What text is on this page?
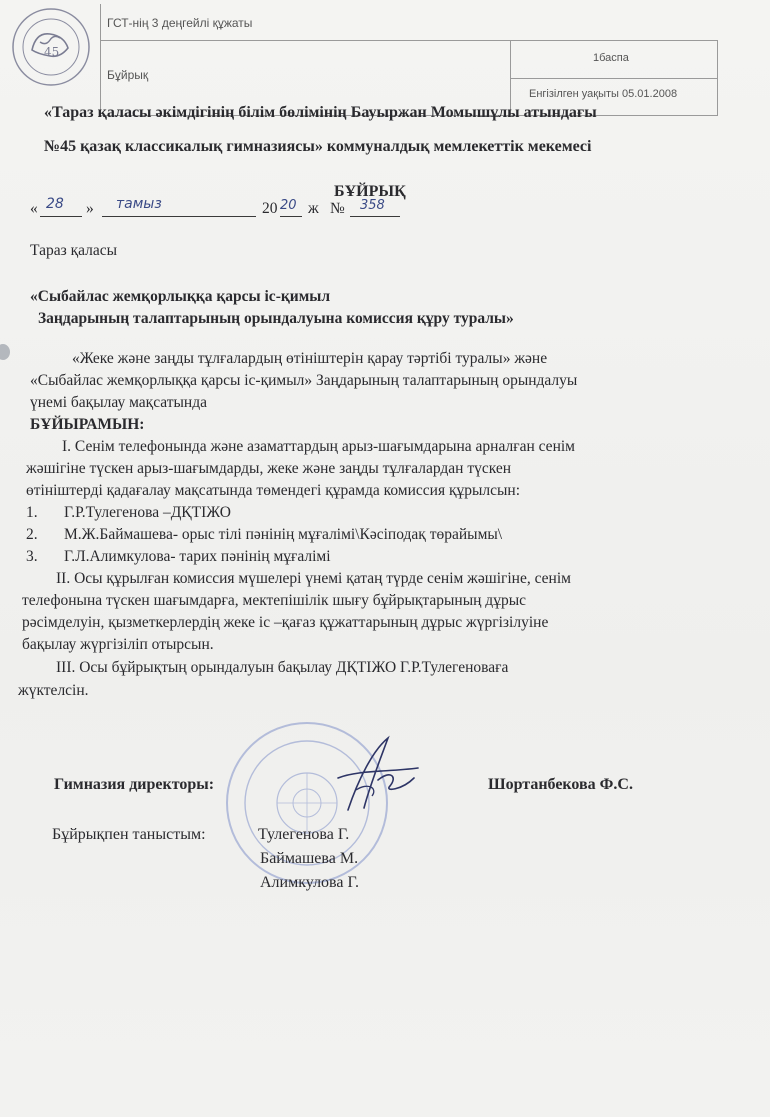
45
ГСТ-нің 3 деңгейлі құжаты
Бұйрық
1баспа
Енгізілген уақыты 05.01.2008
«Тараз қаласы әкімдігінің білім бөлімінің Бауыржан Момышұлы атындағы
№45 қазақ классикалық гимназиясы» коммуналдық мемлекеттік мекемесі
БҰЙРЫҚ
« 28 » тамыз	20 20 ж № 358
Тараз қаласы
«Сыбайлас жемқорлыққа қарсы іс-қимыл
Заңдарының талаптарының орындалуына комиссия құру туралы»
«Жеке және заңды тұлғалардың өтініштерін қарау тәртібі туралы» және
«Сыбайлас жемқорлыққа қарсы іс-қимыл» Заңдарының талаптарының орындалуы
үнемі бақылау мақсатында
БҰЙЫРАМЫН:
I. Сенім телефонында және азаматтардың арыз-шағымдарына арналған сенім
жәшігіне түскен арыз-шағымдарды, жеке және заңды тұлғалардан түскен
өтініштерді қадағалау мақсатында төмендегі құрамда комиссия құрылсын:
1. Г.Р.Тулегенова –ДҚТІЖО
2. М.Ж.Баймашева- орыс тілі пәнінің мұғалімі\Кәсіподақ төрайымы\
3. Г.Л.Алимкулова- тарих пәнінің мұғалімі
II. Осы құрылған комиссия мүшелері үнемі қатаң түрде сенім жәшігіне, сенім
телефонына түскен шағымдарға, мектепішілік шығу бұйрықтарының дұрыс
рәсімделуін, қызметкерлердің жеке іс –қағаз құжаттарының дұрыс жүргізілуіне
бақылау жүргізіліп отырсын.
III. Осы бұйрықтың орындалуын бақылау ДҚТІЖО Г.Р.Тулегеноваға
жүктелсін.
Гимназия директоры:	Шортанбекова Ф.С.
Бұйрықпен таныстым:	Тулегенова Г.
Баймашева М.
Алимкулова Г.
